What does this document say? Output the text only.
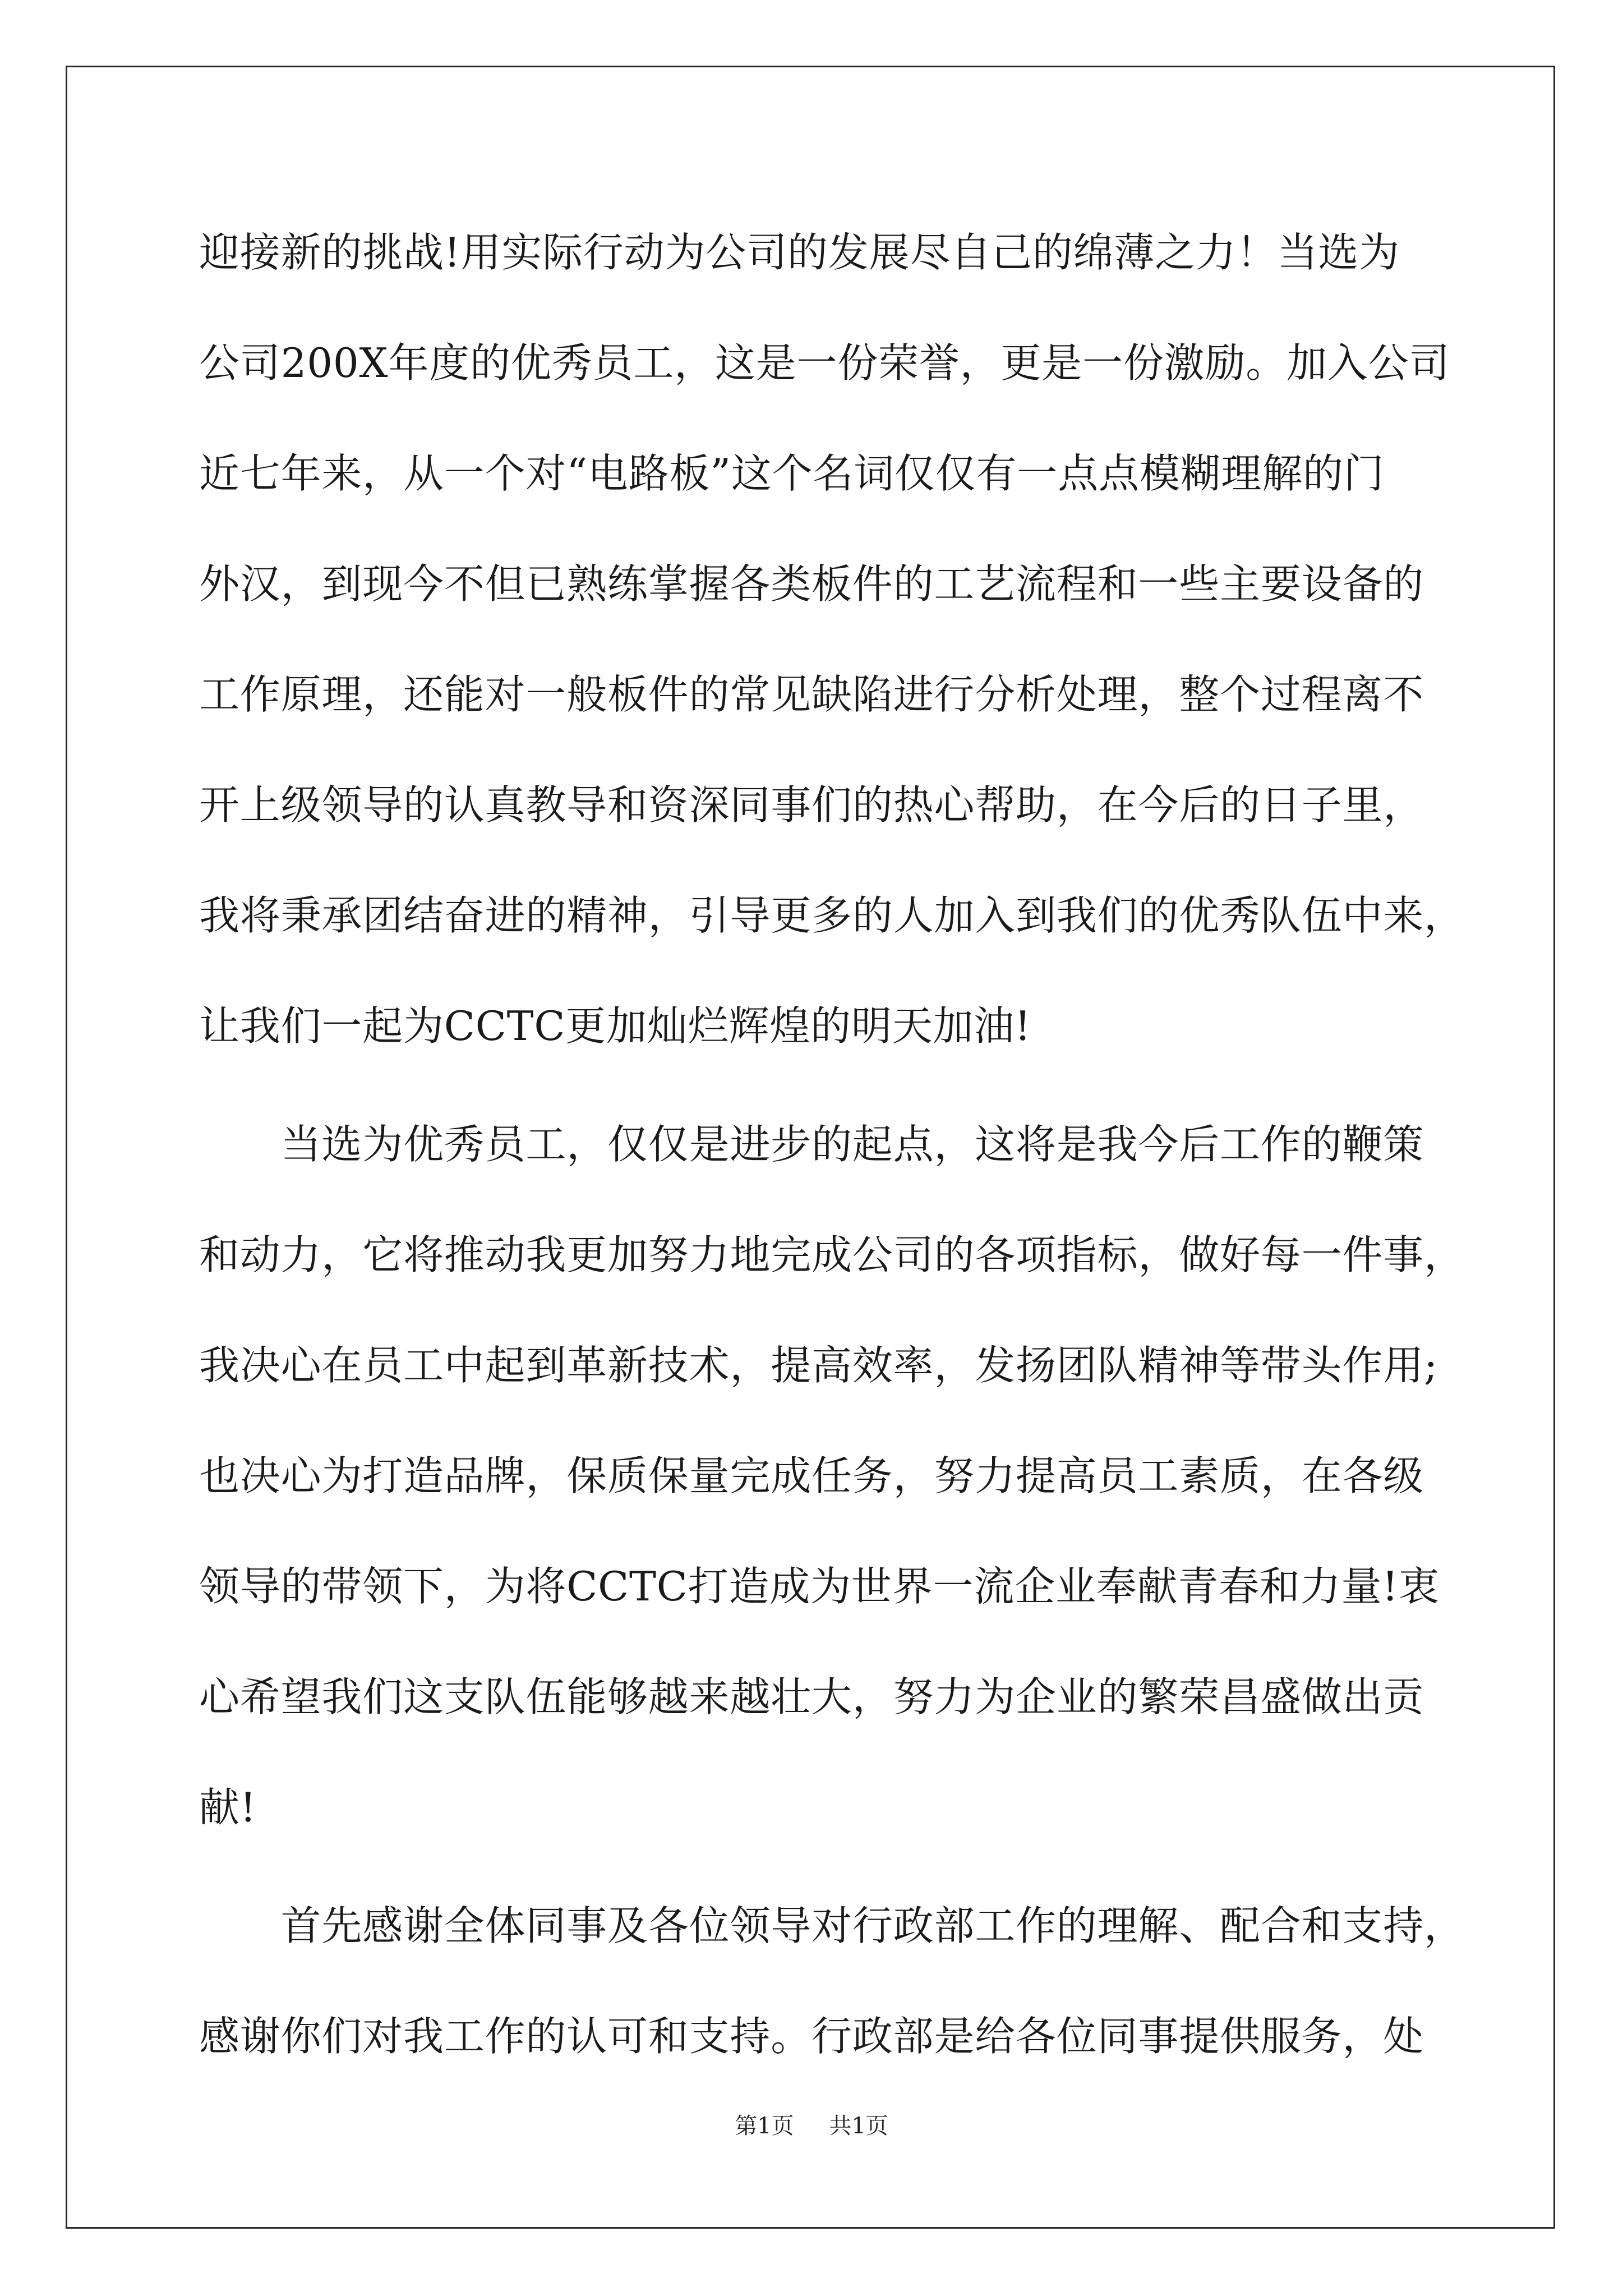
迎接新的挑战!用实际行动为公司的发展尽自己的绵薄之力！当选为
公司200X年度的优秀员工，这是一份荣誉，更是一份激励。加入公司
近七年来，从一个对“电路板”这个名词仅仅有一点点模糊理解的门
外汉，到现今不但已熟练掌握各类板件的工艺流程和一些主要设备的
工作原理，还能对一般板件的常见缺陷进行分析处理，整个过程离不
开上级领导的认真教导和资深同事们的热心帮助，在今后的日子里，
我将秉承团结奋进的精神，引导更多的人加入到我们的优秀队伍中来，
让我们一起为CCTC更加灿烂辉煌的明天加油!
　　当选为优秀员工，仅仅是进步的起点，这将是我今后工作的鞭策
和动力，它将推动我更加努力地完成公司的各项指标，做好每一件事，
我决心在员工中起到革新技术，提高效率，发扬团队精神等带头作用;
也决心为打造品牌，保质保量完成任务，努力提高员工素质，在各级
领导的带领下，为将CCTC打造成为世界一流企业奉献青春和力量!衷
心希望我们这支队伍能够越来越壮大，努力为企业的繁荣昌盛做出贡
献!
　　首先感谢全体同事及各位领导对行政部工作的理解、配合和支持，
感谢你们对我工作的认可和支持。行政部是给各位同事提供服务，处
第1页 共1页
